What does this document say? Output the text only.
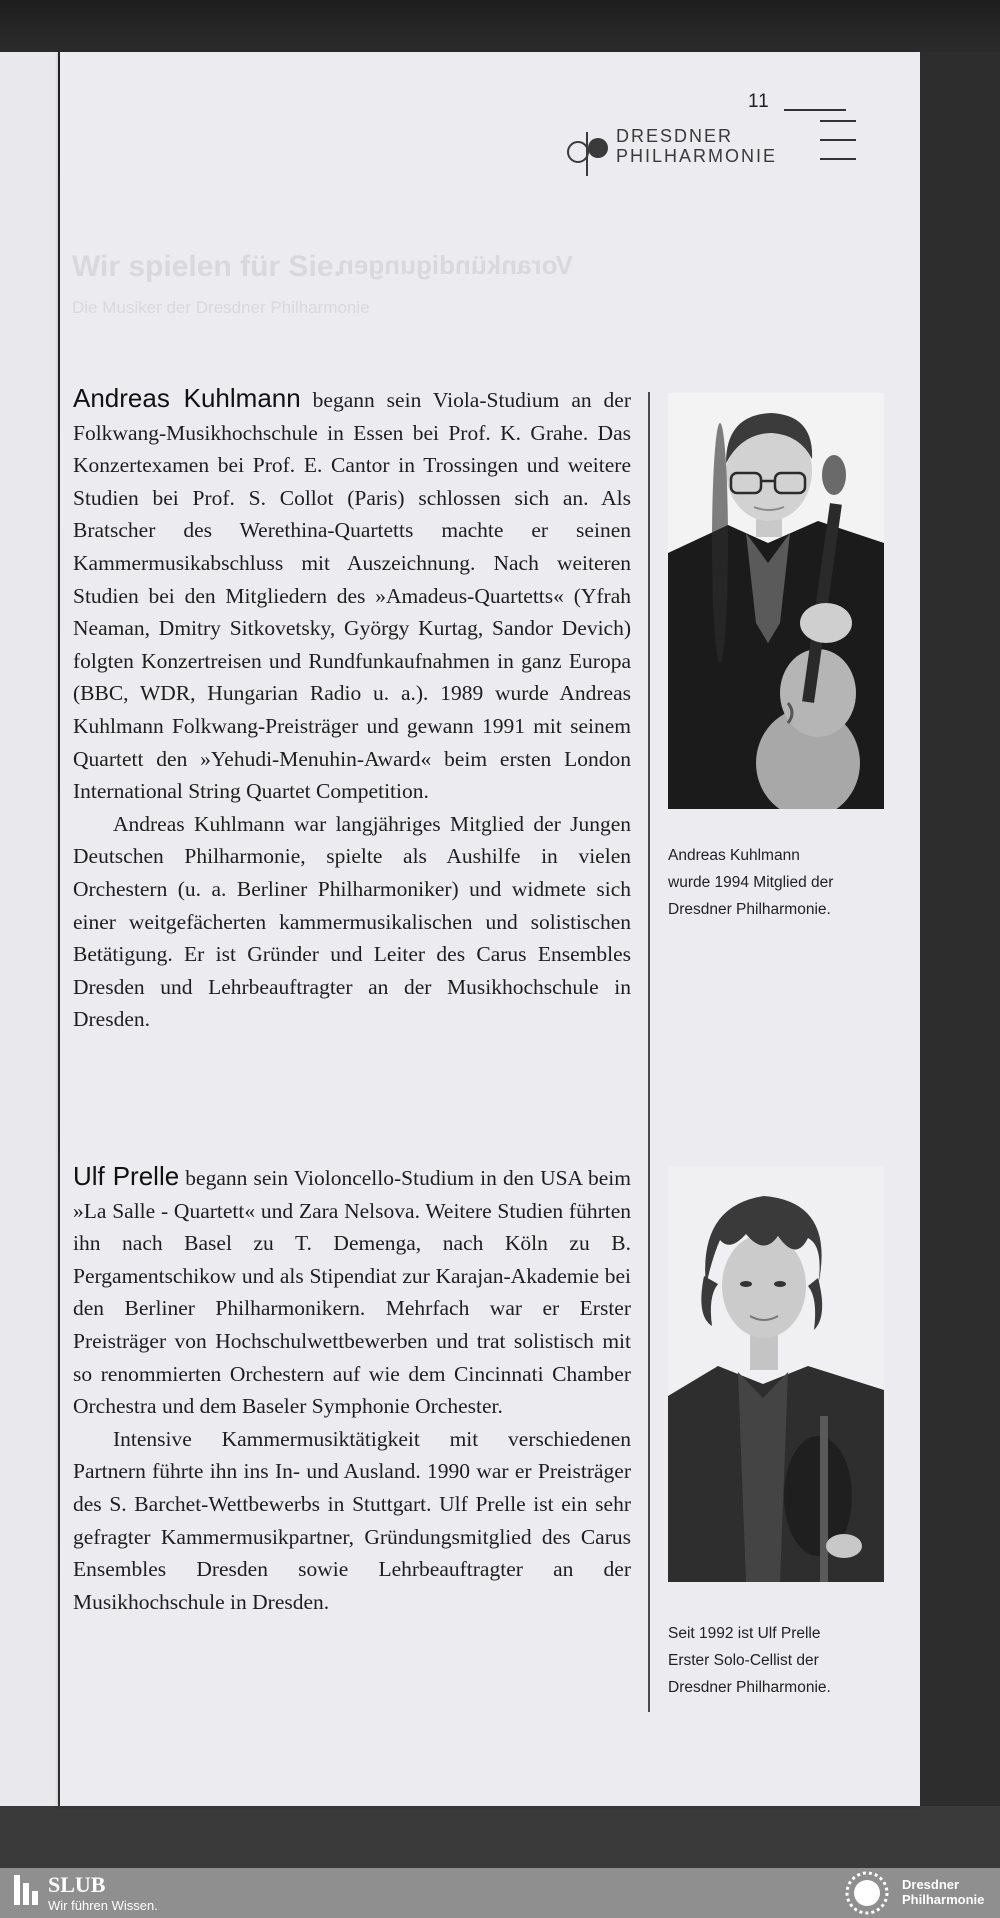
11
DRESDNER
PHILHARMONIE
Wir spielen für Sie.
Die Musiker der Dresdner Philharmonie
Vorankündigungen

Andreas Kuhlmann begann sein Viola-Studium an der Folkwang-Musikhochschule in Essen bei Prof. K. Grahe. Das Konzertexamen bei Prof. E. Cantor in Trossingen und weitere Studien bei Prof. S. Collot (Paris) schlossen sich an. Als Bratscher des Werethina-Quartetts machte er seinen Kammermusikabschluss mit Auszeichnung. Nach weiteren Studien bei den Mitgliedern des »Amadeus-Quartetts« (Yfrah Neaman, Dmitry Sitkovetsky, György Kurtag, Sandor Devich) folgten Konzertreisen und Rundfunkaufnahmen in ganz Europa (BBC, WDR, Hungarian Radio u. a.). 1989 wurde Andreas Kuhlmann Folkwang-Preisträger und gewann 1991 mit seinem Quartett den »Yehudi-Menuhin-Award« beim ersten London International String Quartet Competition.

Andreas Kuhlmann war langjähriges Mitglied der Jungen Deutschen Philharmonie, spielte als Aushilfe in vielen Orchestern (u. a. Berliner Philharmoniker) und widmete sich einer weitgefächerten kammermusikalischen und solistischen Betätigung. Er ist Gründer und Leiter des Carus Ensembles Dresden und Lehrbeauftragter an der Musikhochschule in Dresden.

Andreas Kuhlmann
wurde 1994 Mitglied der
Dresdner Philharmonie.

Ulf Prelle begann sein Violoncello-Studium in den USA beim »La Salle - Quartett« und Zara Nelsova. Weitere Studien führten ihn nach Basel zu T. Demenga, nach Köln zu B. Pergamentschikow und als Stipendiat zur Karajan-Akademie bei den Berliner Philharmonikern. Mehrfach war er Erster Preisträger von Hochschulwettbewerben und trat solistisch mit so renommierten Orchestern auf wie dem Cincinnati Chamber Orchestra und dem Baseler Symphonie Orchester.

Intensive Kammermusiktätigkeit mit verschiedenen Partnern führte ihn ins In- und Ausland. 1990 war er Preisträger des S. Barchet-Wettbewerbs in Stuttgart. Ulf Prelle ist ein sehr gefragter Kammermusikpartner, Gründungsmitglied des Carus Ensembles Dresden sowie Lehrbeauftragter an der Musikhochschule in Dresden.

Seit 1992 ist Ulf Prelle
Erster Solo-Cellist der
Dresdner Philharmonie.
SLUB
Wir führen Wissen.
Dresdner
Philharmonie
